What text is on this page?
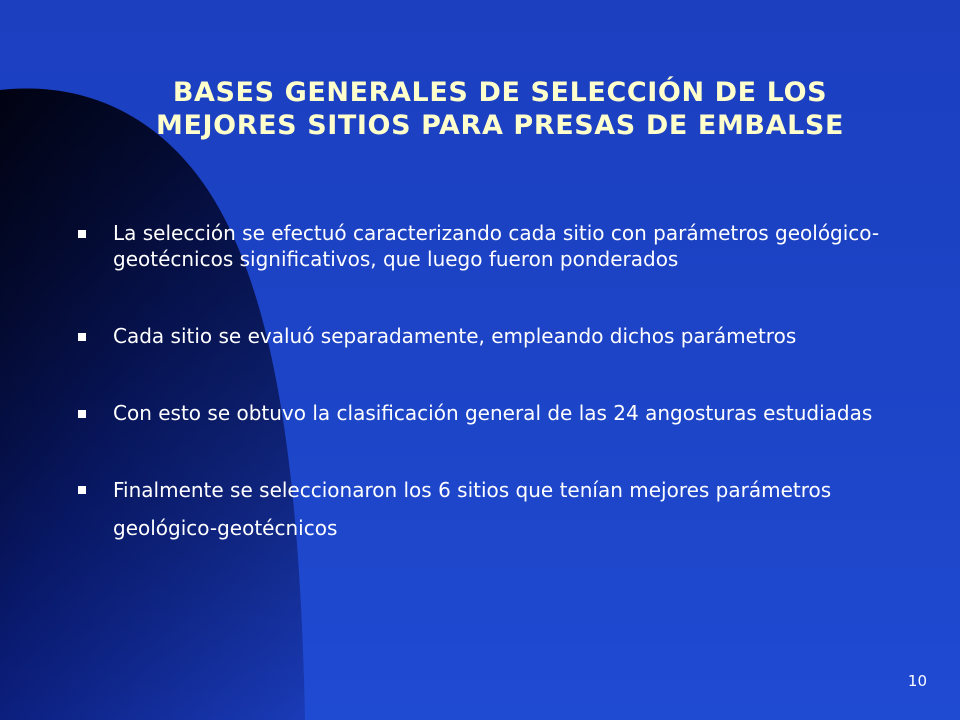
BASES GENERALES DE SELECCIÓN DE LOS MEJORES SITIOS PARA PRESAS DE EMBALSE
La selección se efectuó caracterizando cada sitio con parámetros geológico-geotécnicos significativos, que luego fueron ponderados
Cada sitio se evaluó separadamente, empleando dichos parámetros
Con esto se obtuvo la clasificación general de las 24 angosturas estudiadas
Finalmente se seleccionaron los 6 sitios que tenían mejores parámetros geológico-geotécnicos
10
